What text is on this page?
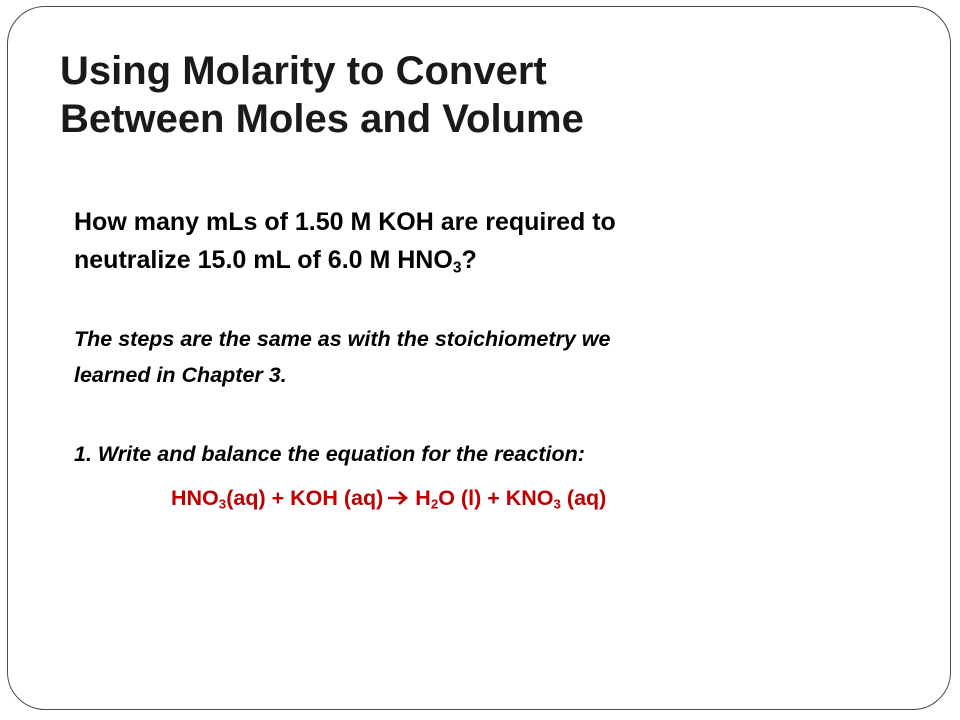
Using Molarity to Convert
Between Moles and Volume

How many mLs of 1.50 M KOH are required to
neutralize 15.0 mL of 6.0 M $HNO_3$?

The steps are the same as with the stoichiometry we
learned in Chapter 3.

1. Write and balance the equation for the reaction:

$HNO_3(aq)$ + KOH (aq) $H_2O$ $(l) + KNO_3$ (aq)
